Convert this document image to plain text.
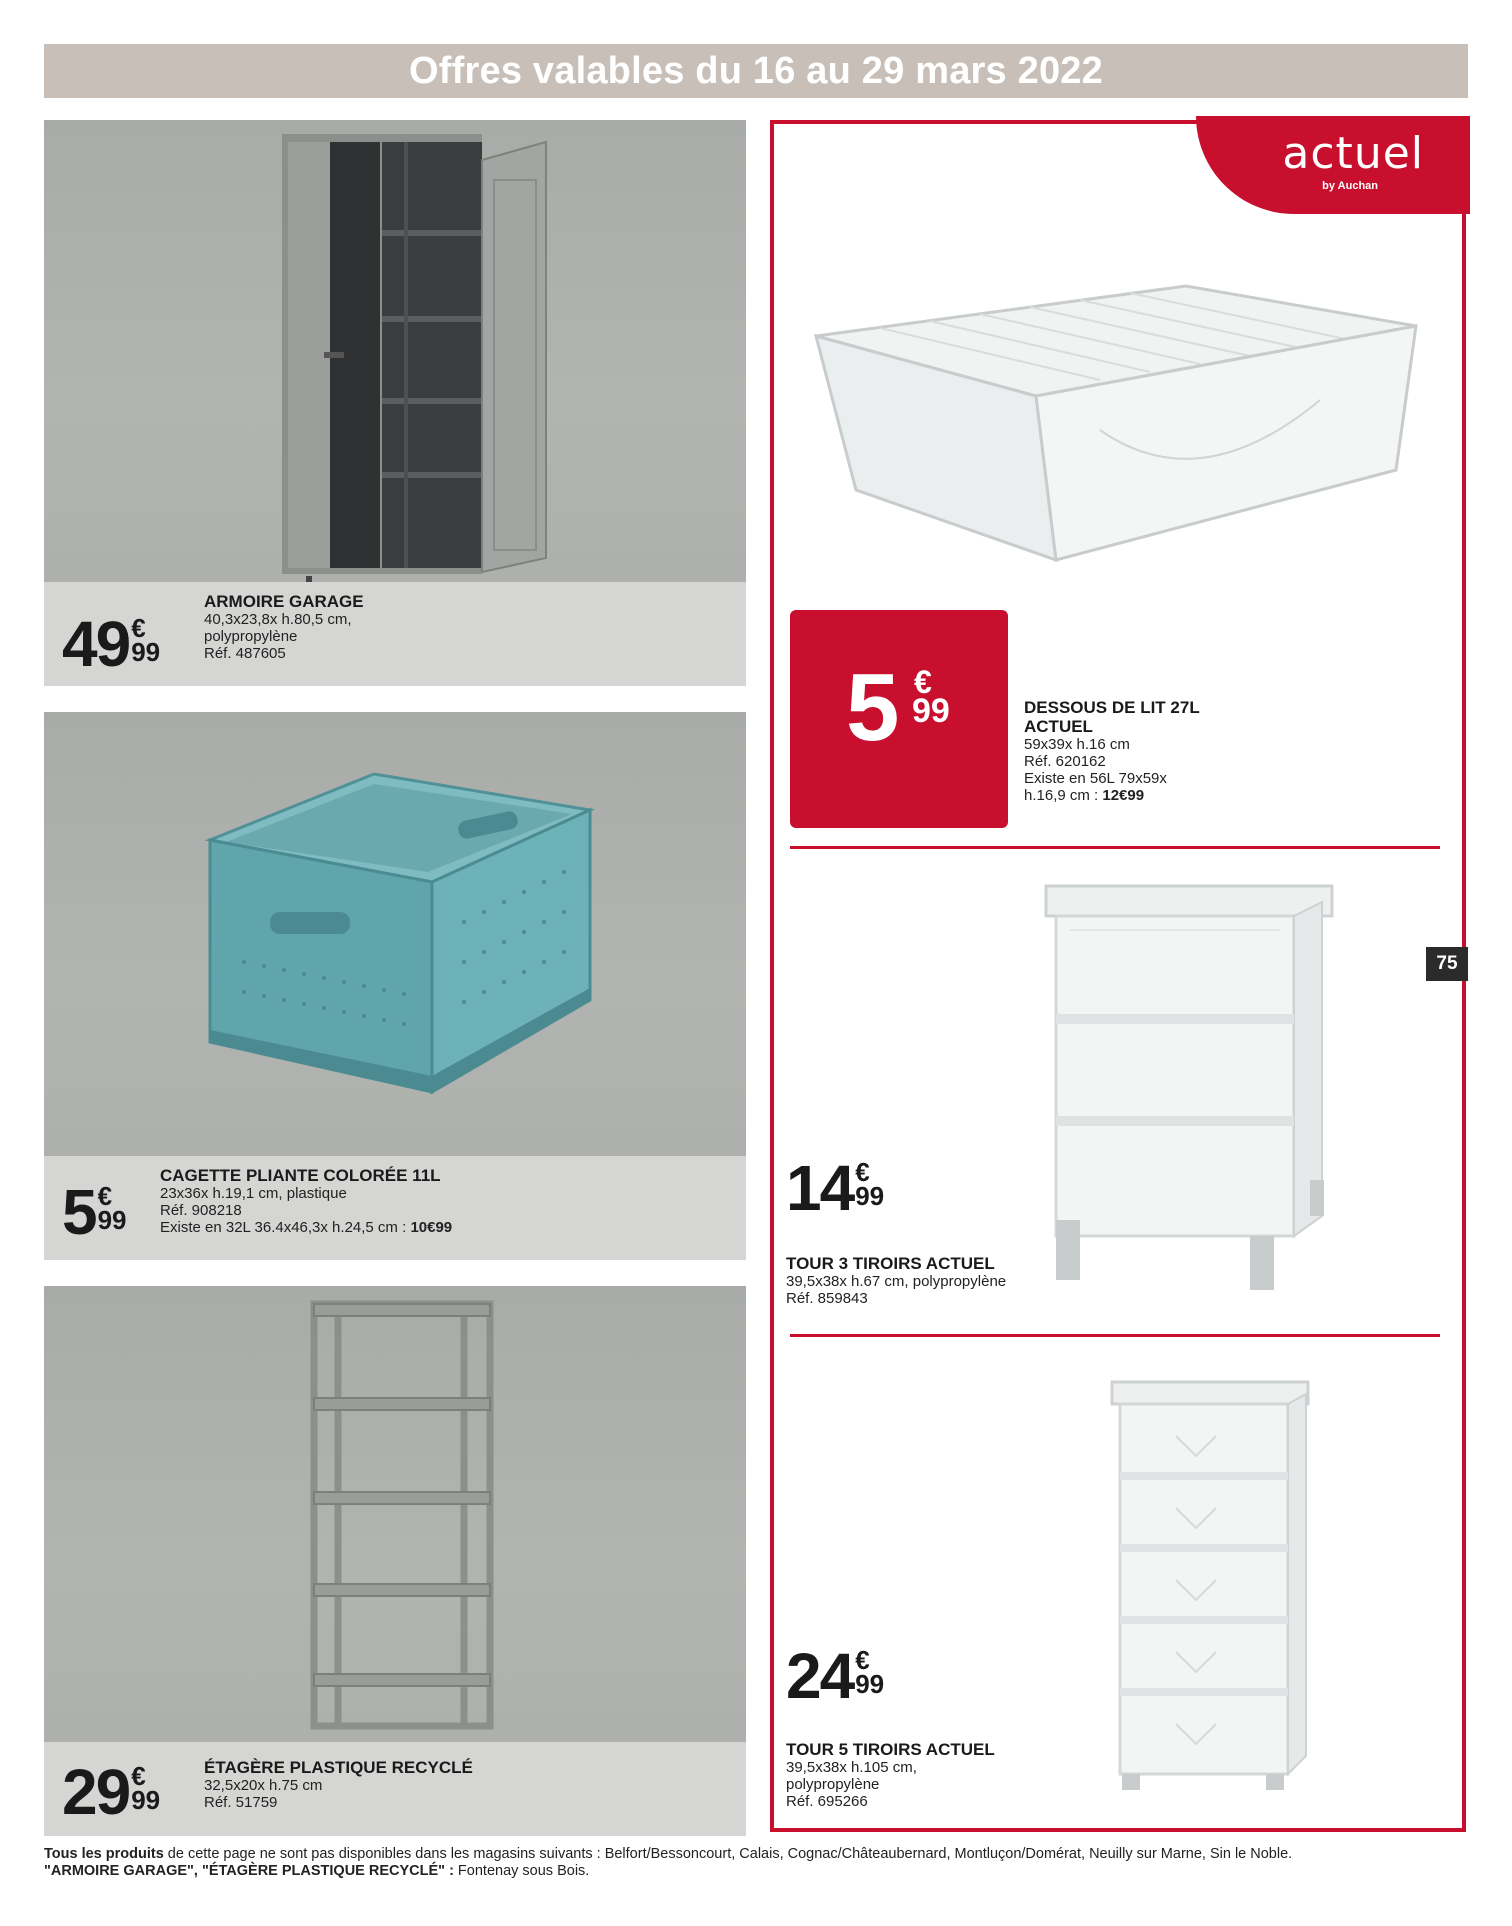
Offres valables du 16 au 29 mars 2022
49 €
99
ARMOIRE GARAGE
40,3x23,8x h.80,5 cm,
polypropylène
Réf. 487605
5 €
99
CAGETTE PLIANTE COLORÉE 11L
23x36x h.19,1 cm, plastique
Réf. 908218
Existe en 32L 36.4x46,3x h.24,5 cm : 10€99
29 €
99
ÉTAGÈRE PLASTIQUE RECYCLÉ
32,5x20x h.75 cm
Réf. 51759
actuel
by Auchan
5 €
99	DESSOUS DE LIT 27L
ACTUEL
59x39x h.16 cm
Réf. 620162
Existe en 56L 79x59x
h.16,9 cm : 12€99
14 €
99
TOUR 3 TIROIRS ACTUEL
39,5x38x h.67 cm, polypropylène
Réf. 859843
24 €
99
TOUR 5 TIROIRS ACTUEL
39,5x38x h.105 cm,
polypropylène
Réf. 695266
75
Tous les produits de cette page ne sont pas disponibles dans les magasins suivants : Belfort/Bessoncourt, Calais, Cognac/Châteaubernard, Montluçon/Domérat, Neuilly sur Marne, Sin le Noble.
"ARMOIRE GARAGE", "ÉTAGÈRE PLASTIQUE RECYCLÉ" : Fontenay sous Bois.
